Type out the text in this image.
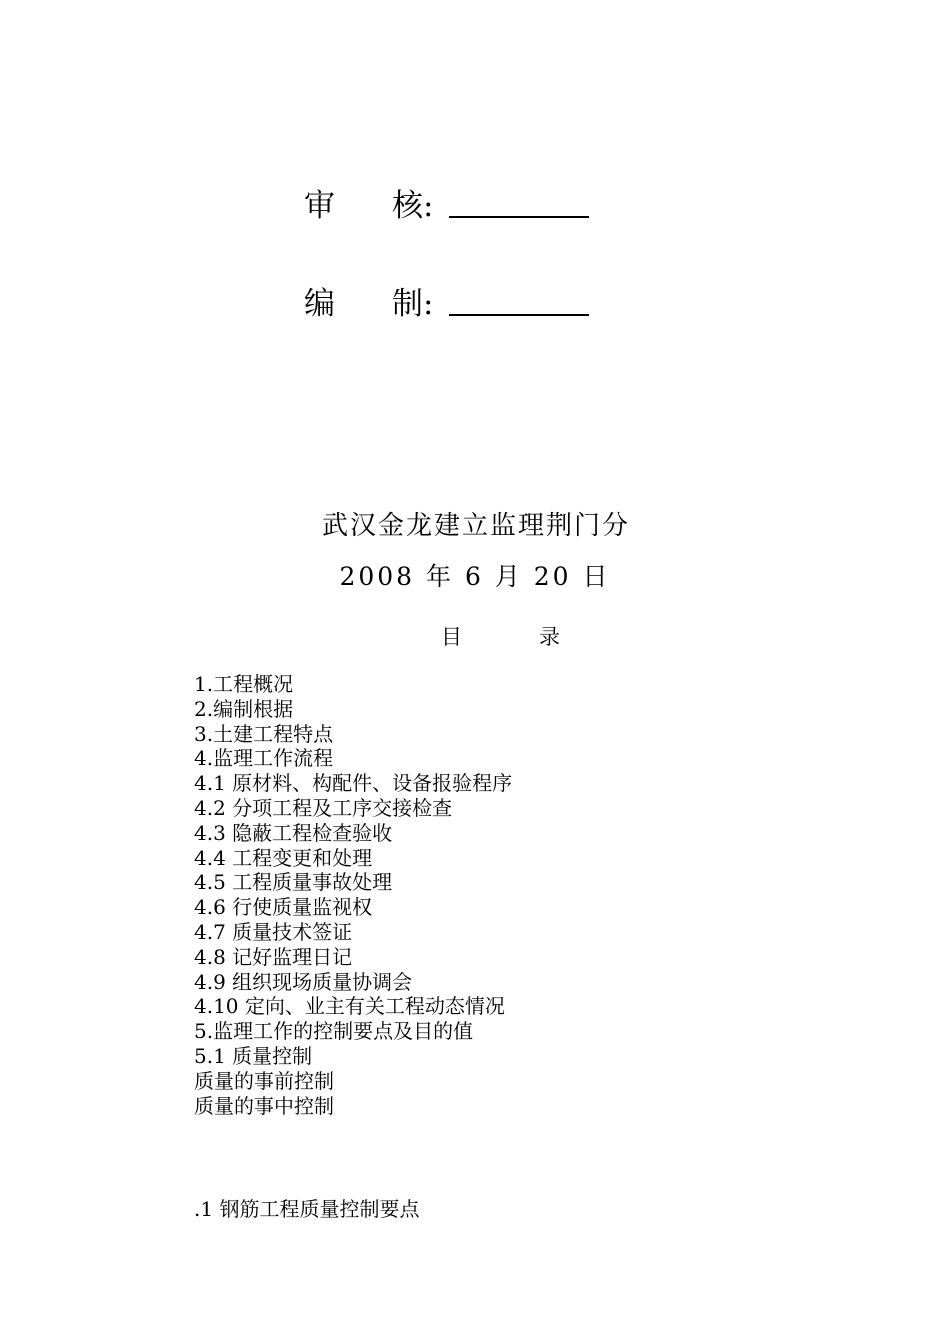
审	核 :
编	制 :
武汉金龙建立监理荆门分
2008 年 6 月 20 日
目	录
1.工程概况
2.编制根据
3.土建工程特点
4.监理工作流程
4.1 原材料、构配件、设备报验程序
4.2 分项工程及工序交接检查
4.3 隐蔽工程检查验收
4.4 工程变更和处理
4.5 工程质量事故处理
4.6 行使质量监视权
4.7 质量技术签证
4.8 记好监理日记
4.9 组织现场质量协调会
4.10 定向、业主有关工程动态情况
5.监理工作的控制要点及目的值
5.1 质量控制
质量的事前控制
质量的事中控制
.1 钢筋工程质量控制要点
